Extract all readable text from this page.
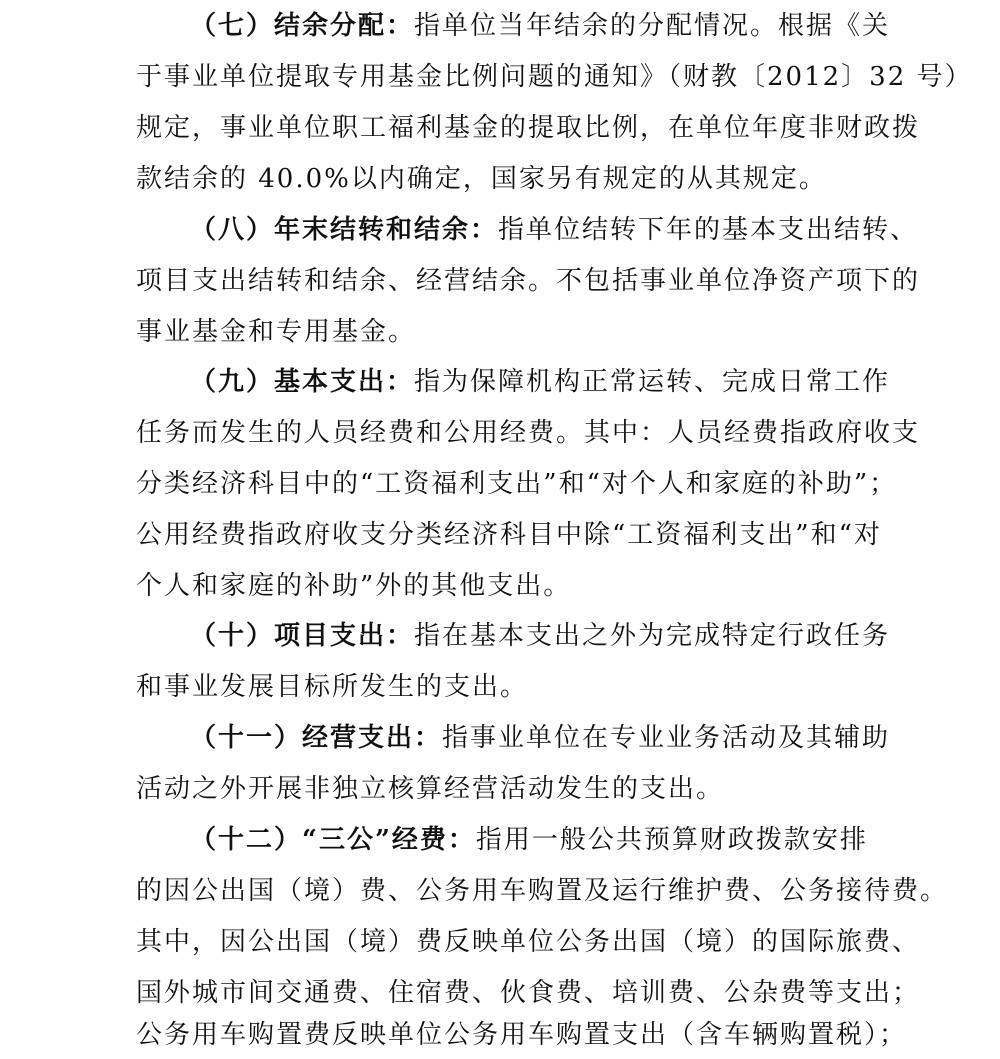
（七）结余分配：指单位当年结余的分配情况。根据《关
于事业单位提取专用基金比例问题的通知》（财教〔2012〕32 号）
规定，事业单位职工福利基金的提取比例，在单位年度非财政拨
款结余的 40.0%以内确定，国家另有规定的从其规定。
（八）年末结转和结余：指单位结转下年的基本支出结转、
项目支出结转和结余、经营结余。不包括事业单位净资产项下的
事业基金和专用基金。
（九）基本支出：指为保障机构正常运转、完成日常工作
任务而发生的人员经费和公用经费。其中：人员经费指政府收支
分类经济科目中的“工资福利支出”和“对个人和家庭的补助”；
公用经费指政府收支分类经济科目中除“工资福利支出”和“对
个人和家庭的补助”外的其他支出。
（十）项目支出：指在基本支出之外为完成特定行政任务
和事业发展目标所发生的支出。
（十一）经营支出：指事业单位在专业业务活动及其辅助
活动之外开展非独立核算经营活动发生的支出。
（十二）“三公”经费：指用一般公共预算财政拨款安排
的因公出国（境）费、公务用车购置及运行维护费、公务接待费。
其中，因公出国（境）费反映单位公务出国（境）的国际旅费、
国外城市间交通费、住宿费、伙食费、培训费、公杂费等支出；
公务用车购置费反映单位公务用车购置支出（含车辆购置税）；
